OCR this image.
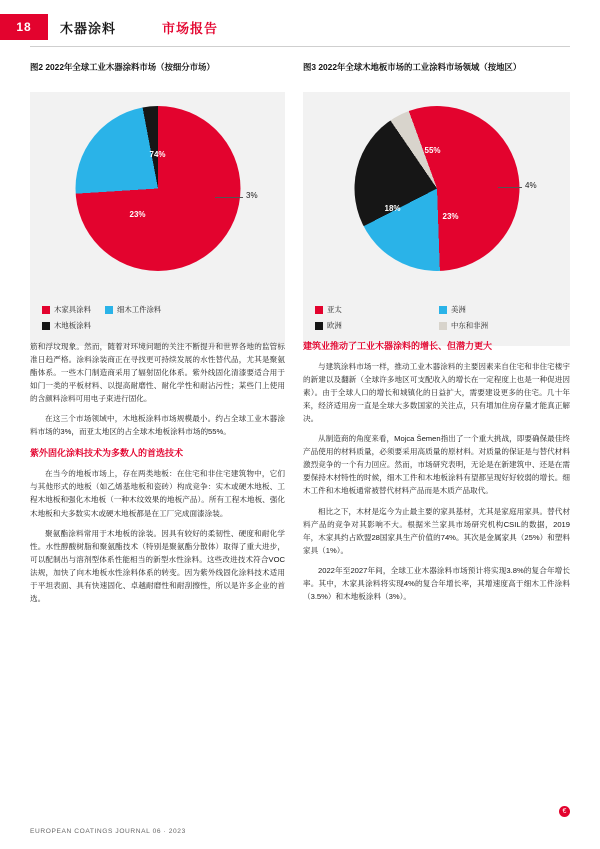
18	木器涂料	市场报告
图2 2022年全球工业木器涂料市场（按细分市场）
74%
23%
3%
木家具涂料	细木工件涂料
木地板涂料
图3 2022年全球木地板市场的工业涂料市场领域（按地区）
55%
18%
23%
4%
亚太	美洲
欧洲	中东和非洲

筋和浮坟现象。然而，随着对环境问题的关注不断提升和世界各地的监管标准日趋严格。涂料涂装商正在寻找更可持续发展的水性替代品，尤其是聚氨酯体系。一些木门制造商采用了辐射固化体系。紫外线固化清漆要适合用于如门一类的平板材料、以提高耐磨性、耐化学性和耐沾污性；某些门上使用的含颜料涂料可用电子束进行固化。

在这三个市场领域中，木地板涂料市场规模最小。约占全球工业木器涂料市场的3%，而亚太地区的占全球木地板涂料市场的55%。

紫外固化涂料技术为多数人的首选技术

在当今的地板市场上，存在两类地板：在住宅和非住宅建筑物中，它们与其他形式的地板（如乙烯基地板和瓷砖）构成竞争：实木或硬木地板、工程木地板和强化木地板（一种木纹效果的地板产品）。所有工程木地板、强化木地板和大多数实木或硬木地板都是在工厂完成面漆涂装。

聚氨酯涂料常用于木地板的涂装。因具有较好的柔韧性、硬度和耐化学性。水性醇酸树脂和聚氨酯技术（特别是聚氨酯分散体）取得了重大进步，可以配制出与溶剂型体系性能相当的新型水性涂料。这些改进技术符合VOC法规，加快了向木地板水性涂料体系的转变。因为紫外线固化涂料技术适用于平坦表面、具有快速固化、卓越耐磨性和耐刮擦性，所以是许多企业的首选。

建筑业推动了工业木器涂料的增长、但潜力更大

与建筑涂料市场一样，推动工业木器涂料的主要因素来自住宅和非住宅楼宇的新建以及翻新（全球许多地区可支配收入的增长在一定程度上也是一种促进因素）。由于全球人口的增长和城镇化的日益扩大，需要建设更多的住宅。几十年来，经济适用房一直是全球大多数国家的关注点，只有增加住房存量才能真正解决。

从制造商的角度来看，Mojca Šemen指出了一个重大挑战，即要确保最佳终产品使用的材料质量，必须要采用高质量的原材料。对质量的保证是与替代材料激烈竞争的一个有力回应。然而，市场研究表明，无论是在新建筑中、还是在需要保持木材特性的时候，细木工件和木地板涂料有望都呈现好好较弱的增长。细木工件和木地板通常被替代材料产品而是木质产品取代。

相比之下，木材是迄今为止最主要的家具基材，尤其是家庭用家具。替代材料产品的竞争对其影响不大。根据米兰家具市场研究机构CSIL的数据，2019年，木家具约占欧盟28国家具生产价值的74%。其次是金属家具（25%）和塑料家具（1%）。

2022年至2027年间，全球工业木器涂料市场预计将实现3.8%的复合年增长率。其中，木家具涂料将实现4%的复合年增长率，其增速度高于细木工件涂料（3.5%）和木地板涂料（3%）。

EUROPEAN COATINGS JOURNAL 06 · 2023
€
